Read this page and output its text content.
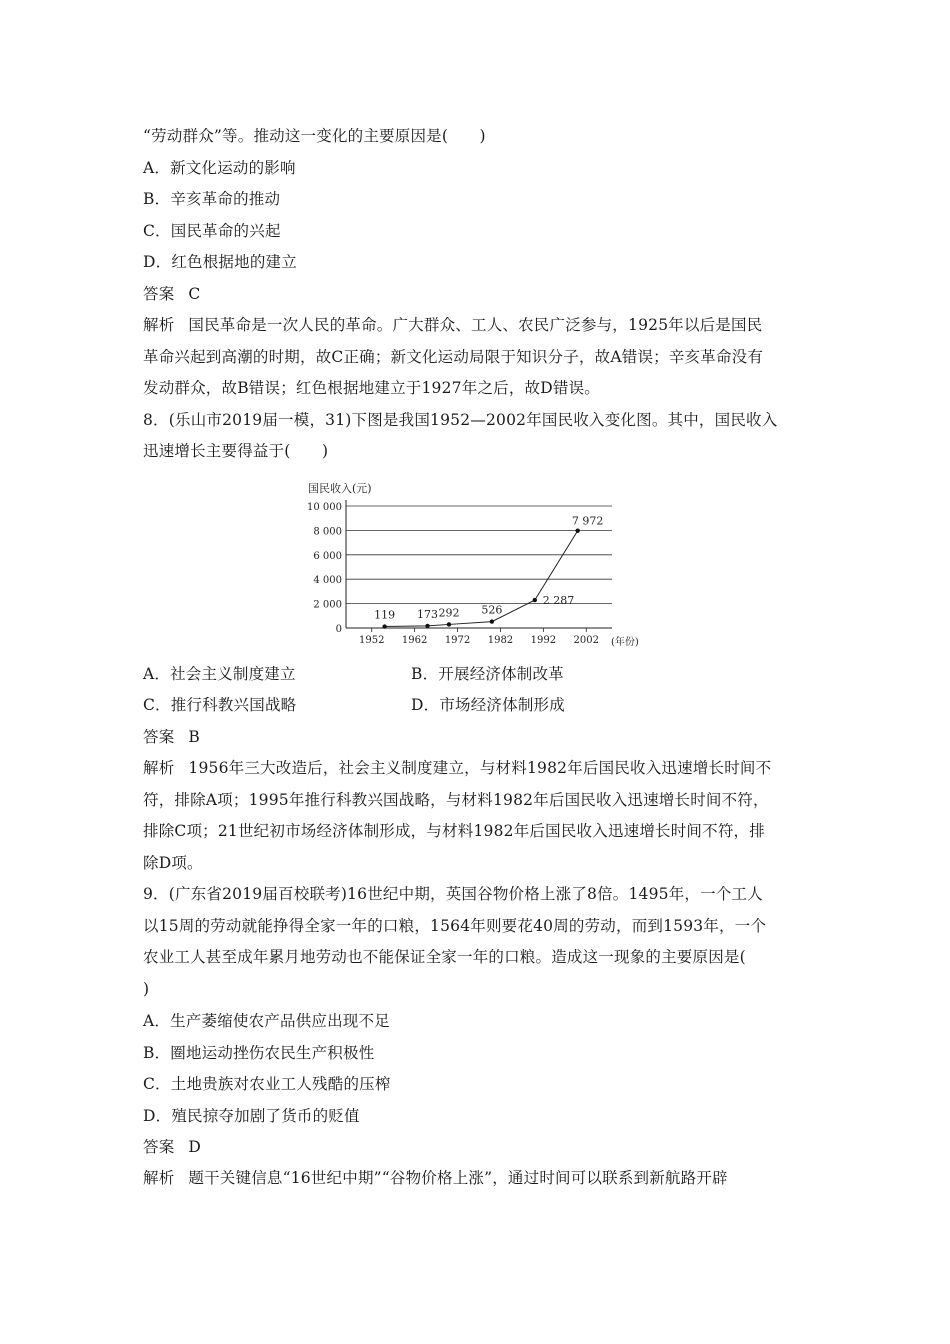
“劳动群众”等。推动这一变化的主要原因是(　　)
A．新文化运动的影响
B．辛亥革命的推动
C．国民革命的兴起
D．红色根据地的建立
答案 C
解析 国民革命是一次人民的革命。广大群众、工人、农民广泛参与，1925年以后是国民
革命兴起到高潮的时期，故C正确；新文化运动局限于知识分子，故A错误；辛亥革命没有
发动群众，故B错误；红色根据地建立于1927年之后，故D错误。
8．(乐山市2019届一模，31)下图是我国1952—2002年国民收入变化图。其中，国民收入
迅速增长主要得益于(　　)
0
2 000
4 000
6 000
8 000
10 000
1952 1962 1972 1982 1992 2002
119 173 292 526
2 287
7 972
国民收入(元)
(年份)
A．社会主义制度建立	B．开展经济体制改革
C．推行科教兴国战略	D．市场经济体制形成
答案 B
解析 1956年三大改造后，社会主义制度建立，与材料1982年后国民收入迅速增长时间不
符，排除A项；1995年推行科教兴国战略，与材料1982年后国民收入迅速增长时间不符，
排除C项；21世纪初市场经济体制形成，与材料1982年后国民收入迅速增长时间不符，排
除D项。
9．(广东省2019届百校联考)16世纪中期，英国谷物价格上涨了8倍。1495年，一个工人
以15周的劳动就能挣得全家一年的口粮，1564年则要花40周的劳动，而到1593年，一个
农业工人甚至成年累月地劳动也不能保证全家一年的口粮。造成这一现象的主要原因是(
)
A．生产萎缩使农产品供应出现不足
B．圈地运动挫伤农民生产积极性
C．土地贵族对农业工人残酷的压榨
D．殖民掠夺加剧了货币的贬值
答案 D
解析 题干关键信息“16世纪中期”“谷物价格上涨”，通过时间可以联系到新航路开辟
